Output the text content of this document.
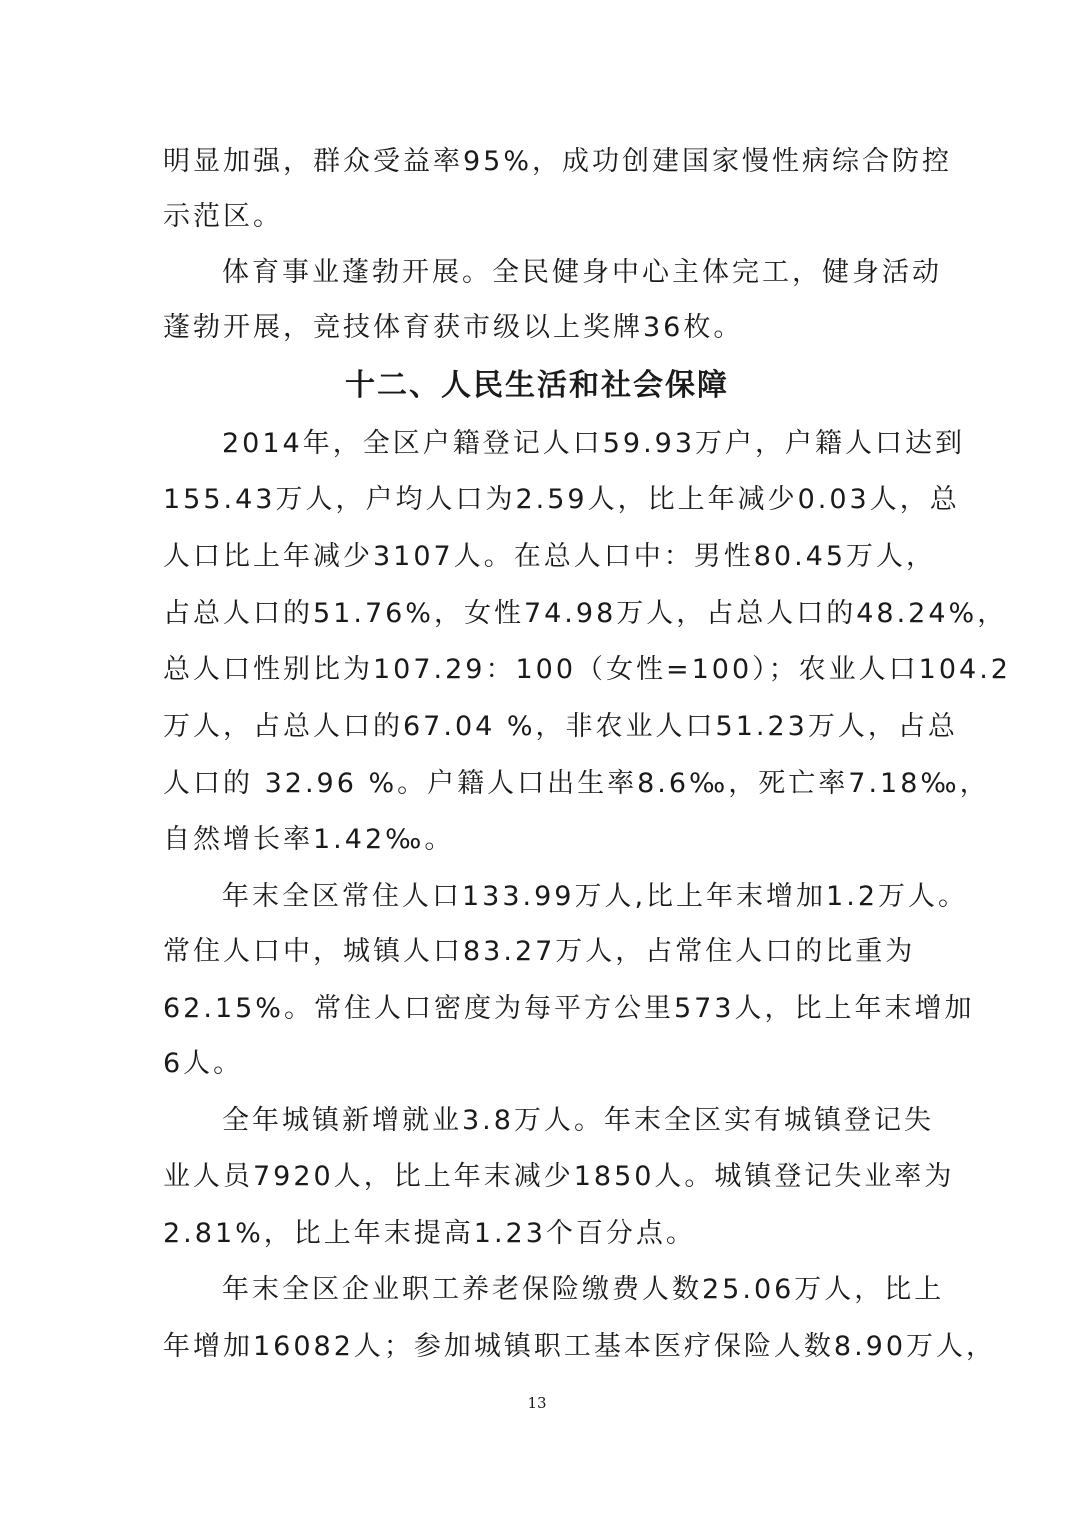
明显加强，群众受益率95%，成功创建国家慢性病综合防控

示范区。

体育事业蓬勃开展。全民健身中心主体完工，健身活动

蓬勃开展，竞技体育获市级以上奖牌36枚。

十二、人民生活和社会保障

2014年，全区户籍登记人口59.93万户，户籍人口达到

155.43万人，户均人口为2.59人，比上年减少0.03人，总

人口比上年减少3107人。在总人口中：男性80.45万人，

占总人口的51.76%，女性74.98万人，占总人口的48.24%，

总人口性别比为107.29：100（女性=100）；农业人口104.2

万人，占总人口的67.04 %，非农业人口51.23万人，占总

人口的 32.96 %。户籍人口出生率8.6‰，死亡率7.18‰，

自然增长率1.42‰。

年末全区常住人口133.99万人,比上年末增加1.2万人。

常住人口中，城镇人口83.27万人，占常住人口的比重为

62.15%。常住人口密度为每平方公里573人，比上年末增加

6人。

全年城镇新增就业3.8万人。年末全区实有城镇登记失

业人员7920人，比上年末减少1850人。城镇登记失业率为

2.81%，比上年末提高1.23个百分点。

年末全区企业职工养老保险缴费人数25.06万人，比上

年增加16082人；参加城镇职工基本医疗保险人数8.90万人，

13
